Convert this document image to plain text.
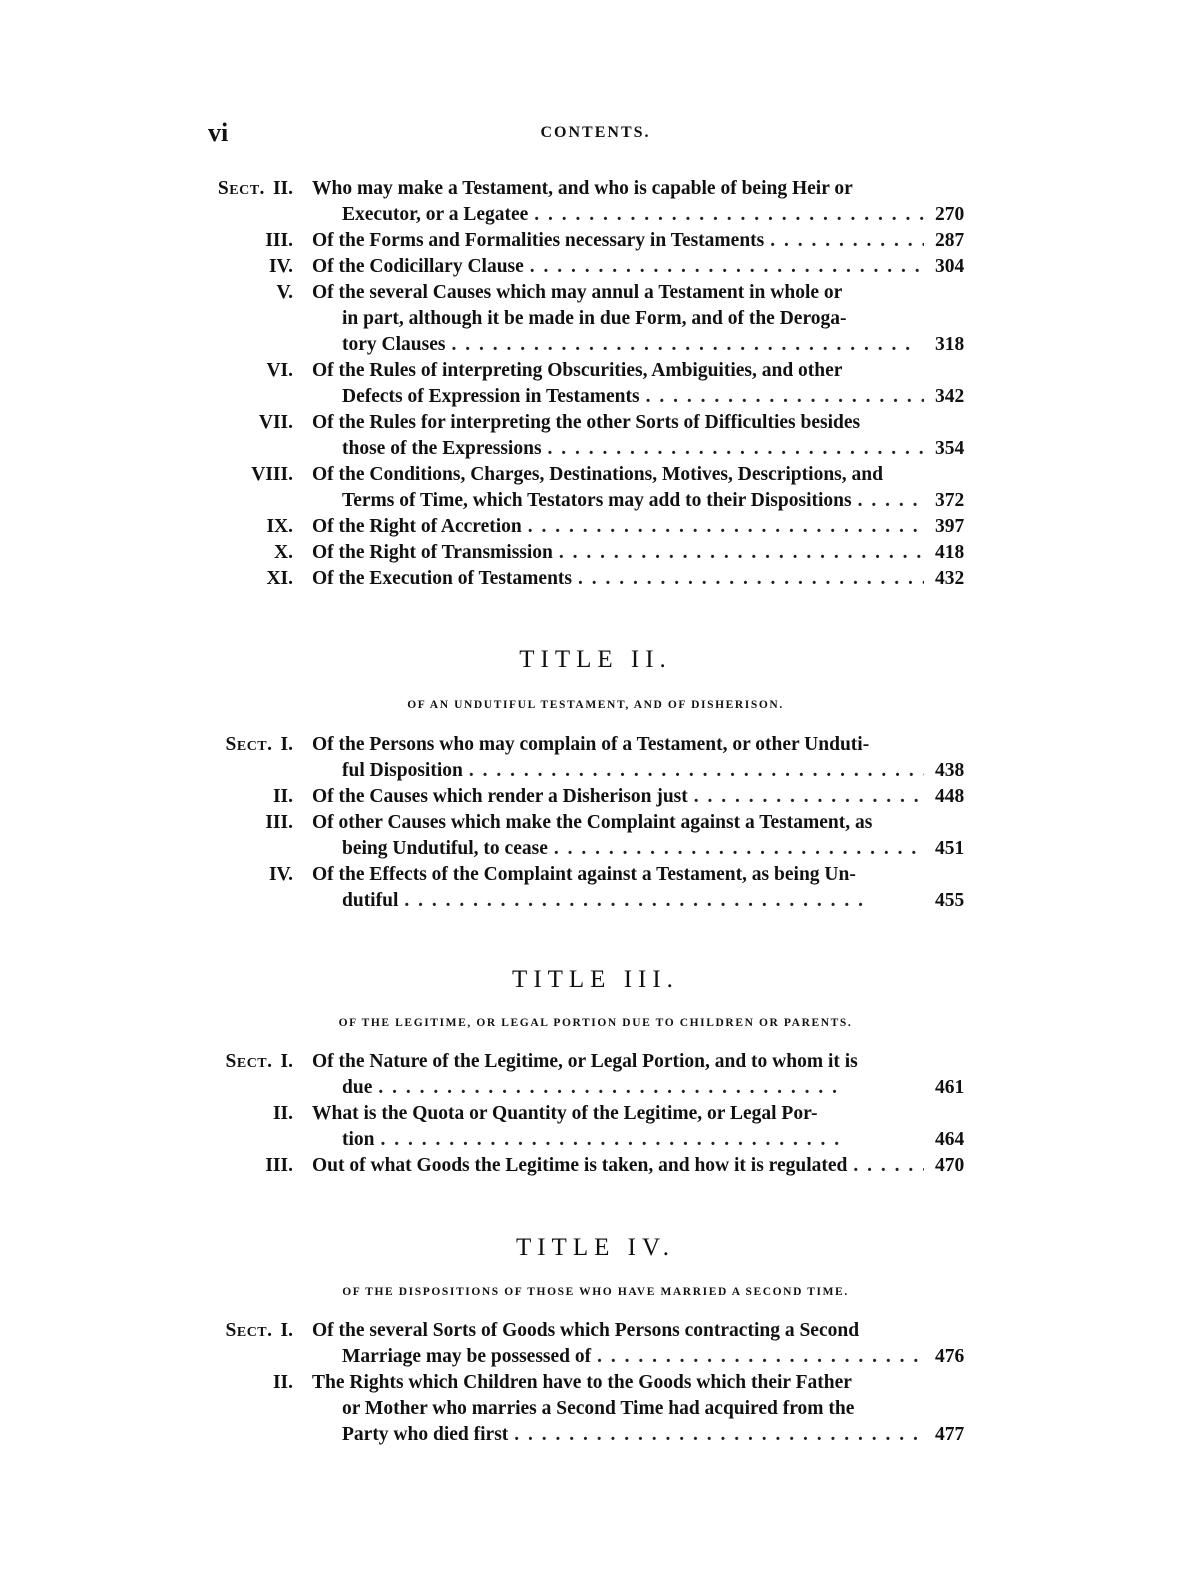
vi	CONTENTS.
Sect. II. Who may make a Testament, and who is capable of being Heir or
Executor, or a Legatee . .	270
III. Of the Forms and Formalities necessary in Testaments . .	287
IV. Of the Codicillary Clause . .	304
V. Of the several Causes which may annul a Testament in whole or
in part, although it be made in due Form, and of the Deroga-
tory Clauses . .	318
VI. Of the Rules of interpreting Obscurities, Ambiguities, and other
Defects of Expression in Testaments . .	342
VII. Of the Rules for interpreting the other Sorts of Difficulties besides
those of the Expressions . .	354
VIII. Of the Conditions, Charges, Destinations, Motives, Descriptions, and
Terms of Time, which Testators may add to their Dispositions . .	372
IX. Of the Right of Accretion . .	397
X. Of the Right of Transmission . .	418
XI. Of the Execution of Testaments . .	432
TITLE II.
OF AN UNDUTIFUL TESTAMENT, AND OF DISHERISON.
Sect. I. Of the Persons who may complain of a Testament, or other Unduti-
ful Disposition . .	438
II. Of the Causes which render a Disherison just . .	448
III. Of other Causes which make the Complaint against a Testament, as
being Undutiful, to cease . .	451
IV. Of the Effects of the Complaint against a Testament, as being Un-
dutiful . .	455
TITLE III.
OF THE LEGITIME, OR LEGAL PORTION DUE TO CHILDREN OR PARENTS.
Sect. I. Of the Nature of the Legitime, or Legal Portion, and to whom it is
due . .	461
II. What is the Quota or Quantity of the Legitime, or Legal Por-
tion . .	464
III. Out of what Goods the Legitime is taken, and how it is regulated . .	470
TITLE IV.
OF THE DISPOSITIONS OF THOSE WHO HAVE MARRIED A SECOND TIME.
Sect. I. Of the several Sorts of Goods which Persons contracting a Second
Marriage may be possessed of . .	476
II. The Rights which Children have to the Goods which their Father
or Mother who marries a Second Time had acquired from the
Party who died first . .	477
